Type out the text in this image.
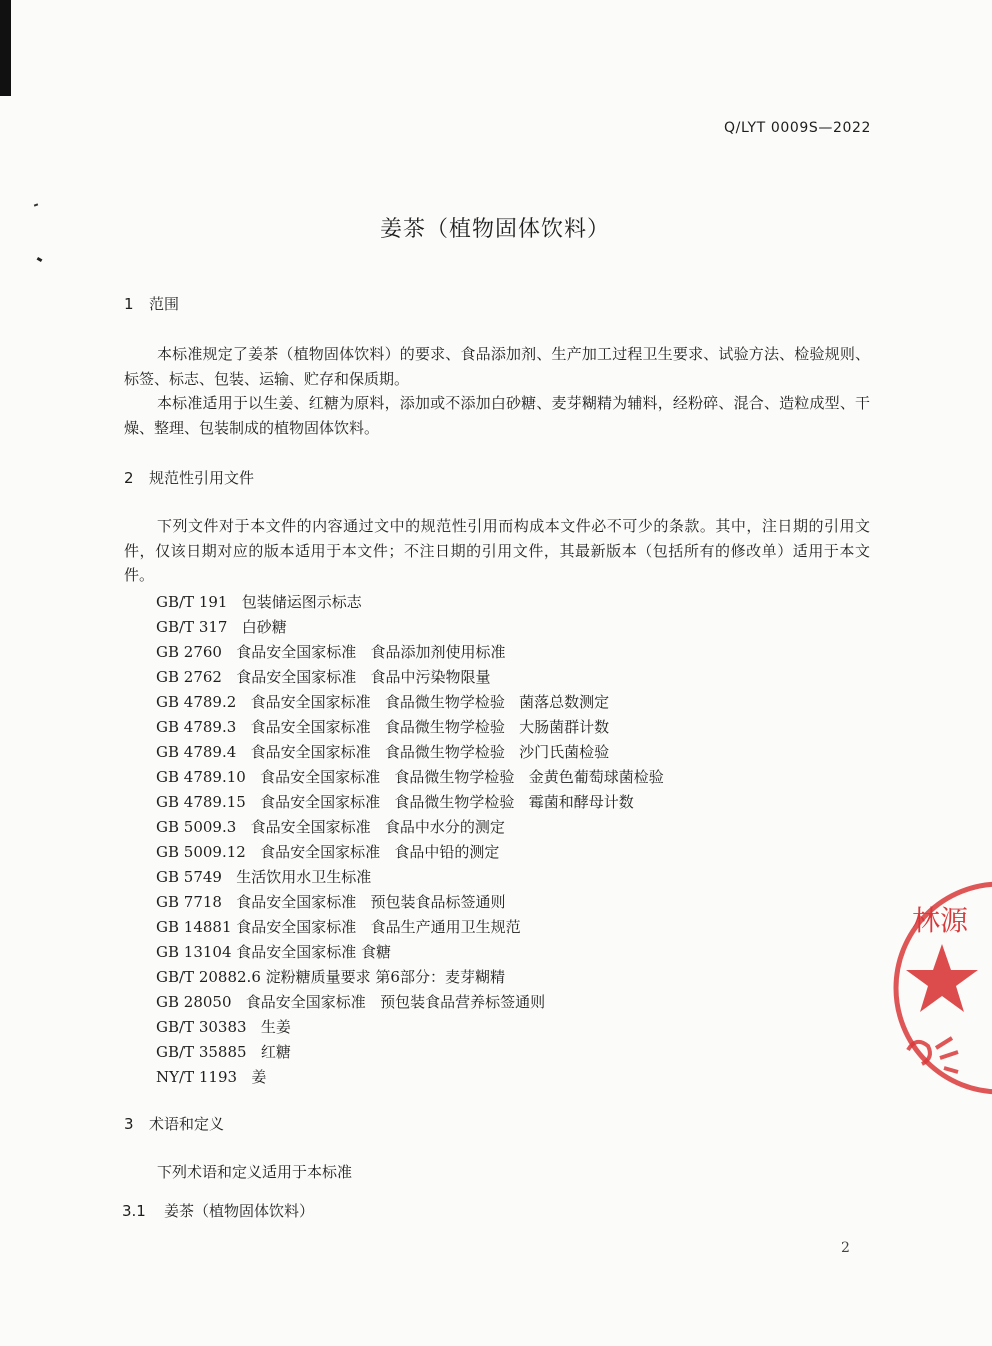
Q/LYT 0009S—2022
姜茶（植物固体饮料）
1 范围

本标准规定了姜茶（植物固体饮料）的要求、食品添加剂、生产加工过程卫生要求、试验方法、检验规则、标签、标志、包装、运输、贮存和保质期。

本标准适用于以生姜、红糖为原料，添加或不添加白砂糖、麦芽糊精为辅料，经粉碎、混合、造粒成型、干燥、整理、包装制成的植物固体饮料。

2 规范性引用文件

下列文件对于本文件的内容通过文中的规范性引用而构成本文件必不可少的条款。其中，注日期的引用文件，仅该日期对应的版本适用于本文件；不注日期的引用文件，其最新版本（包括所有的修改单）适用于本文件。

GB/T 191   包装储运图示标志
GB/T 317   白砂糖
GB 2760   食品安全国家标准   食品添加剂使用标准
GB 2762   食品安全国家标准   食品中污染物限量
GB 4789.2   食品安全国家标准   食品微生物学检验   菌落总数测定
GB 4789.3   食品安全国家标准   食品微生物学检验   大肠菌群计数
GB 4789.4   食品安全国家标准   食品微生物学检验   沙门氏菌检验
GB 4789.10   食品安全国家标准   食品微生物学检验   金黄色葡萄球菌检验
GB 4789.15   食品安全国家标准   食品微生物学检验   霉菌和酵母计数
GB 5009.3   食品安全国家标准   食品中水分的测定
GB 5009.12   食品安全国家标准   食品中铅的测定
GB 5749   生活饮用水卫生标准
GB 7718   食品安全国家标准   预包装食品标签通则
GB 14881 食品安全国家标准   食品生产通用卫生规范
GB 13104 食品安全国家标准 食糖
GB/T 20882.6 淀粉糖质量要求 第6部分：麦芽糊精
GB 28050   食品安全国家标准   预包装食品营养标签通则
GB/T 30383   生姜
GB/T 35885   红糖
NY/T 1193   姜
3 术语和定义
下列术语和定义适用于本标准
3.1 姜茶（植物固体饮料）
2
林源
